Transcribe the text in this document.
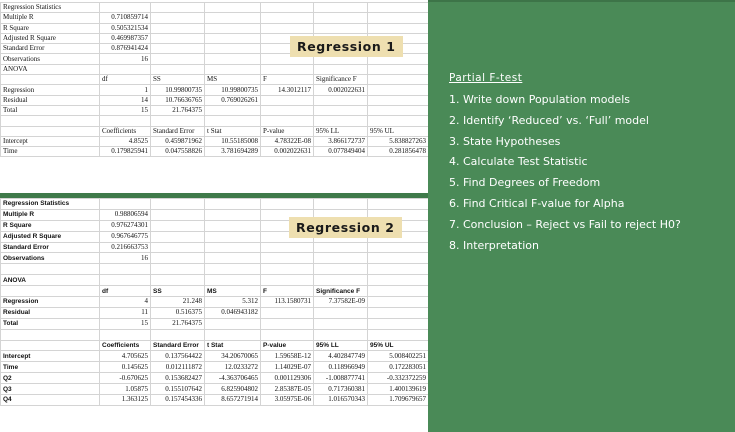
Regression Statistics						
Multiple R	0.710859714					
R Square	0.505321534					
Adjusted R Square	0.469987357					
Standard Error	0.876941424					
Observations	16					
ANOVA						
	df	SS	MS	F	Significance F	
Regression	1	10.99800735	10.99800735	14.3012117	0.002022631	
Residual	14	10.76636765	0.769026261			
Total	15	21.764375				

	Coefficients	Standard Error	t Stat	P-value	95% LL	95% UL
Intercept	4.8525	0.459871962	10.55185008	4.78322E-08	3.866172737	5.838827263
Time	0.179825941	0.047558826	3.781694289	0.002022631	0.077849404	0.281856478
Regression Statistics						
Multiple R	0.98806594					
R Square	0.976274301					
Adjusted R Square	0.967646775					
Standard Error	0.216663753					
Observations	16					

ANOVA						
	df	SS	MS	F	Significance F	
Regression	4	21.248	5.312	113.1580731	7.37582E-09	
Residual	11	0.516375	0.046943182			
Total	15	21.764375				

	Coefficients	Standard Error	t Stat	P-value	95% LL	95% UL
Intercept	4.705625	0.137564422	34.20670065	1.59658E-12	4.402847749	5.008402251
Time	0.145625	0.012111872	12.0233272	1.14029E-07	0.118966949	0.172283051
Q2	-0.670625	0.153682427	-4.363706465	0.001129306	-1.008877741	-0.332372259
Q3	1.05875	0.155107642	6.825904802	2.85387E-05	0.717360381	1.400139619
Q4	1.363125	0.157454336	8.657271914	3.05975E-06	1.016570343	1.709679657
Regression 1
Regression 2
Partial F-test
1. Write down Population models
2. Identify ‘Reduced’ vs. ‘Full’ model
3. State Hypotheses
4. Calculate Test Statistic
5. Find Degrees of Freedom
6. Find Critical F-value for Alpha
7. Conclusion – Reject vs Fail to reject H0?
8. Interpretation
